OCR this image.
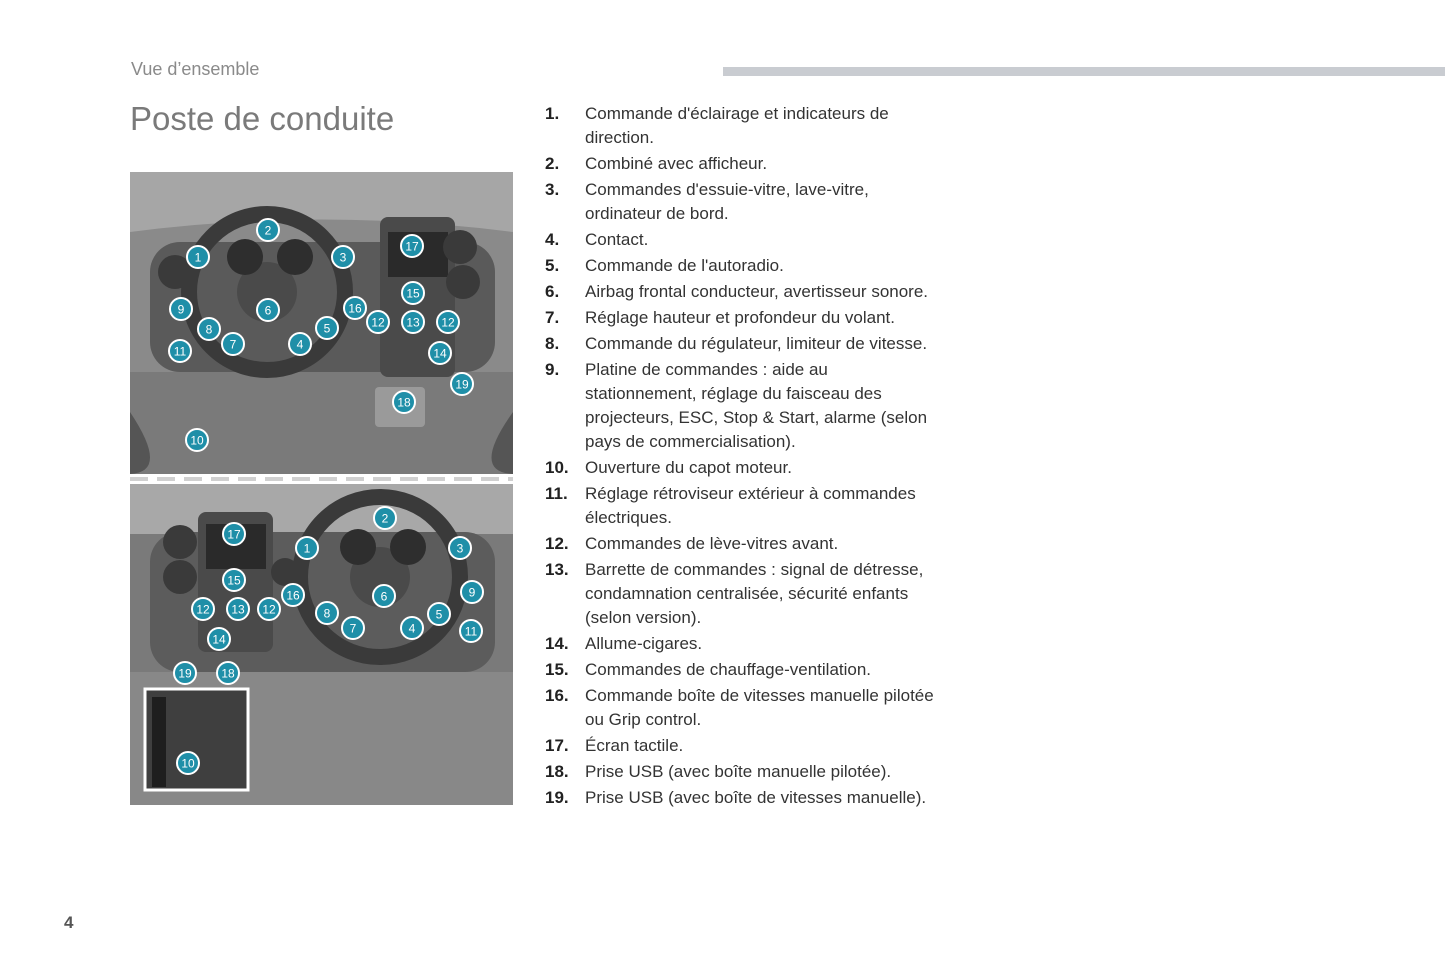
Vue d’ensemble
Poste de conduite
1
2
3
4
5
6
7
8
9
10
11
12 13 12
14
15
16
17
18
19
1
2
3
4
5
6
7
8
9
10
11
12 13 12
14
15
16
17
18
19
1.	Commande d'éclairage et indicateurs de direction.
2.	Combiné avec afficheur.
3.	Commandes d'essuie-vitre, lave-vitre, ordinateur de bord.
4.	Contact.
5.	Commande de l'autoradio.
6.	Airbag frontal conducteur, avertisseur sonore.
7.	Réglage hauteur et profondeur du volant.
8.	Commande du régulateur, limiteur de vitesse.
9.	Platine de commandes : aide au stationnement, réglage du faisceau des projecteurs, ESC, Stop & Start, alarme (selon pays de commercialisation).
10. Ouverture du capot moteur.
11.	Réglage rétroviseur extérieur à commandes électriques.
12. Commandes de lève-vitres avant.
13. Barrette de commandes : signal de détresse, condamnation centralisée, sécurité enfants (selon version).
14. Allume-cigares.
15. Commandes de chauffage-ventilation.
16. Commande boîte de vitesses manuelle pilotée ou Grip control.
17. Écran tactile.
18. Prise USB (avec boîte manuelle pilotée).
19. Prise USB (avec boîte de vitesses manuelle).
4
